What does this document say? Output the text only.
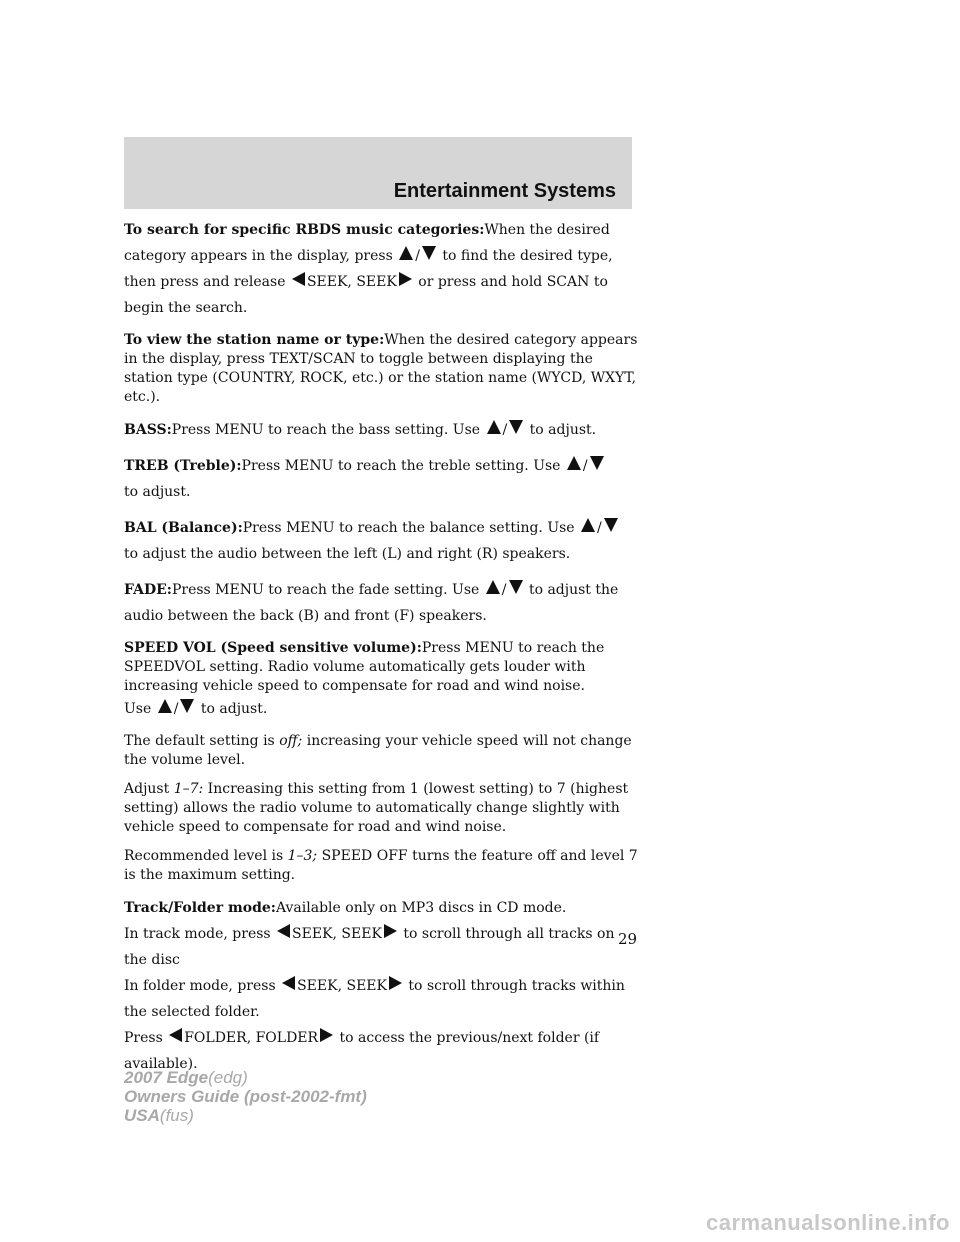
Entertainment Systems

To search for specific RBDS music categories:When the desired category appears in the display, press / to find the desired type, then press and release SEEK, SEEK or press and hold SCAN to begin the search.

To view the station name or type:When the desired category appears in the display, press TEXT/SCAN to toggle between displaying the station type (COUNTRY, ROCK, etc.) or the station name (WYCD, WXYT, etc.).

BASS:Press MENU to reach the bass setting. Use / to adjust.

TREB (Treble):Press MENU to reach the treble setting. Use /
to adjust.

BAL (Balance):Press MENU to reach the balance setting. Use /
to adjust the audio between the left (L) and right (R) speakers.

FADE:Press MENU to reach the fade setting. Use / to adjust the audio between the back (B) and front (F) speakers.

SPEED VOL (Speed sensitive volume):Press MENU to reach the SPEEDVOL setting. Radio volume automatically gets louder with increasing vehicle speed to compensate for road and wind noise.
Use / to adjust.

The default setting is off; increasing your vehicle speed will not change the volume level.

Adjust 1–7: Increasing this setting from 1 (lowest setting) to 7 (highest setting) allows the radio volume to automatically change slightly with vehicle speed to compensate for road and wind noise.

Recommended level is 1–3; SPEED OFF turns the feature off and level 7 is the maximum setting.

Track/Folder mode:Available only on MP3 discs in CD mode.

In track mode, press SEEK, SEEK to scroll through all tracks on the disc

In folder mode, press SEEK, SEEK to scroll through tracks within the selected folder.

Press FOLDER, FOLDER to access the previous/next folder (if available).

29
2007 Edge(edg)
Owners Guide (post-2002-fmt)
USA(fus)
carmanualsonline.info
